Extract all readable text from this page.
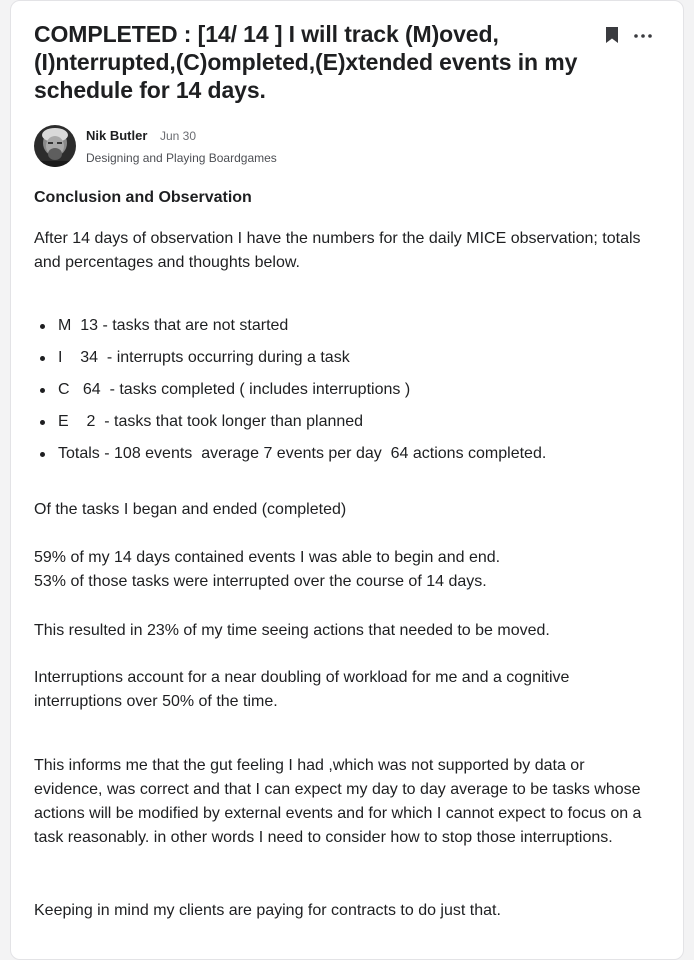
COMPLETED : [14/ 14 ] I will track (M)oved, (I)nterrupted,(C)ompleted,(E)xtended events in my schedule for 14 days.
Nik Butler Jun 30
Designing and Playing Boardgames

Conclusion and Observation

After 14 days of observation I have the numbers for the daily MICE observation; totals and percentages and thoughts below.

M  13 - tasks that are not started
I    34  - interrupts occurring during a task
C   64  - tasks completed ( includes interruptions )
E    2  - tasks that took longer than planned
Totals - 108 events  average 7 events per day  64 actions completed.

Of the tasks I began and ended (completed)

59% of my 14 days contained events I was able to begin and end.

53% of those tasks were interrupted over the course of 14 days.

This resulted in 23% of my time seeing actions that needed to be moved.

Interruptions account for a near doubling of workload for me and a cognitive interruptions over 50% of the time.

This informs me that the gut feeling I had ,which was not supported by data or evidence, was correct and that I can expect my day to day average to be tasks whose actions will be modified by external events and for which I cannot expect to focus on a task reasonably. in other words I need to consider how to stop those interruptions.

Keeping in mind my clients are paying for contracts to do just that.
